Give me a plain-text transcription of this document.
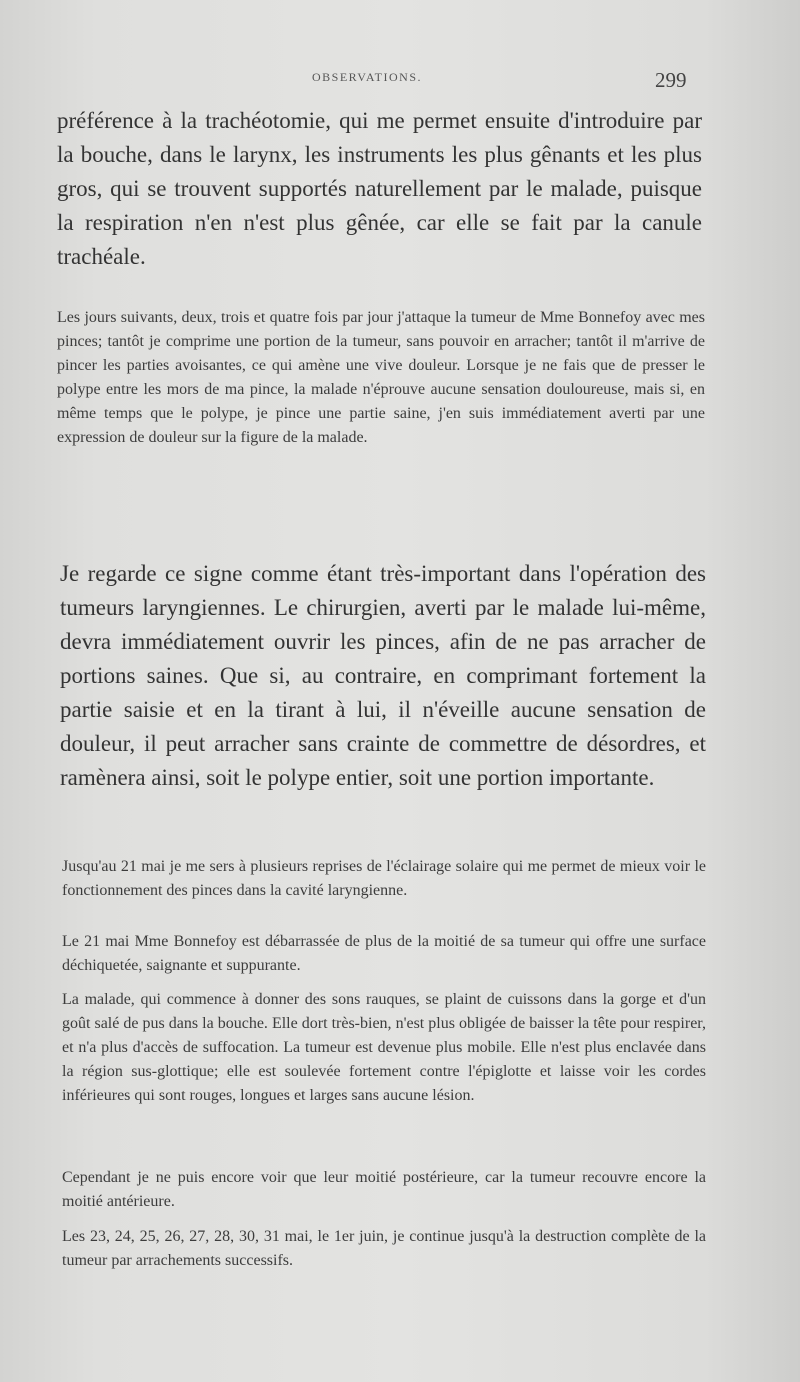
OBSERVATIONS.	299

préférence à la trachéotomie, qui me permet ensuite d'introduire par la bouche, dans le larynx, les instruments les plus gênants et les plus gros, qui se trouvent supportés naturellement par le malade, puisque la respiration n'en n'est plus gênée, car elle se fait par la canule trachéale.

Les jours suivants, deux, trois et quatre fois par jour j'attaque la tumeur de Mme Bonnefoy avec mes pinces; tantôt je comprime une portion de la tumeur, sans pouvoir en arracher; tantôt il m'arrive de pincer les parties avoisantes, ce qui amène une vive douleur. Lorsque je ne fais que de presser le polype entre les mors de ma pince, la malade n'éprouve aucune sensation douloureuse, mais si, en même temps que le polype, je pince une partie saine, j'en suis immédiatement averti par une expression de douleur sur la figure de la malade.

Je regarde ce signe comme étant très-important dans l'opération des tumeurs laryngiennes. Le chirurgien, averti par le malade lui-même, devra immédiatement ouvrir les pinces, afin de ne pas arracher de portions saines. Que si, au contraire, en comprimant fortement la partie saisie et en la tirant à lui, il n'éveille aucune sensation de douleur, il peut arracher sans crainte de commettre de désordres, et ramènera ainsi, soit le polype entier, soit une portion importante.

Jusqu'au 21 mai je me sers à plusieurs reprises de l'éclairage solaire qui me permet de mieux voir le fonctionnement des pinces dans la cavité laryngienne.

Le 21 mai Mme Bonnefoy est débarrassée de plus de la moitié de sa tumeur qui offre une surface déchiquetée, saignante et suppurante.

La malade, qui commence à donner des sons rauques, se plaint de cuissons dans la gorge et d'un goût salé de pus dans la bouche. Elle dort très-bien, n'est plus obligée de baisser la tête pour respirer, et n'a plus d'accès de suffocation. La tumeur est devenue plus mobile. Elle n'est plus enclavée dans la région sus-glottique; elle est soulevée fortement contre l'épiglotte et laisse voir les cordes inférieures qui sont rouges, longues et larges sans aucune lésion.

Cependant je ne puis encore voir que leur moitié postérieure, car la tumeur recouvre encore la moitié antérieure.

Les 23, 24, 25, 26, 27, 28, 30, 31 mai, le 1er juin, je continue jusqu'à la destruction complète de la tumeur par arrachements successifs.
